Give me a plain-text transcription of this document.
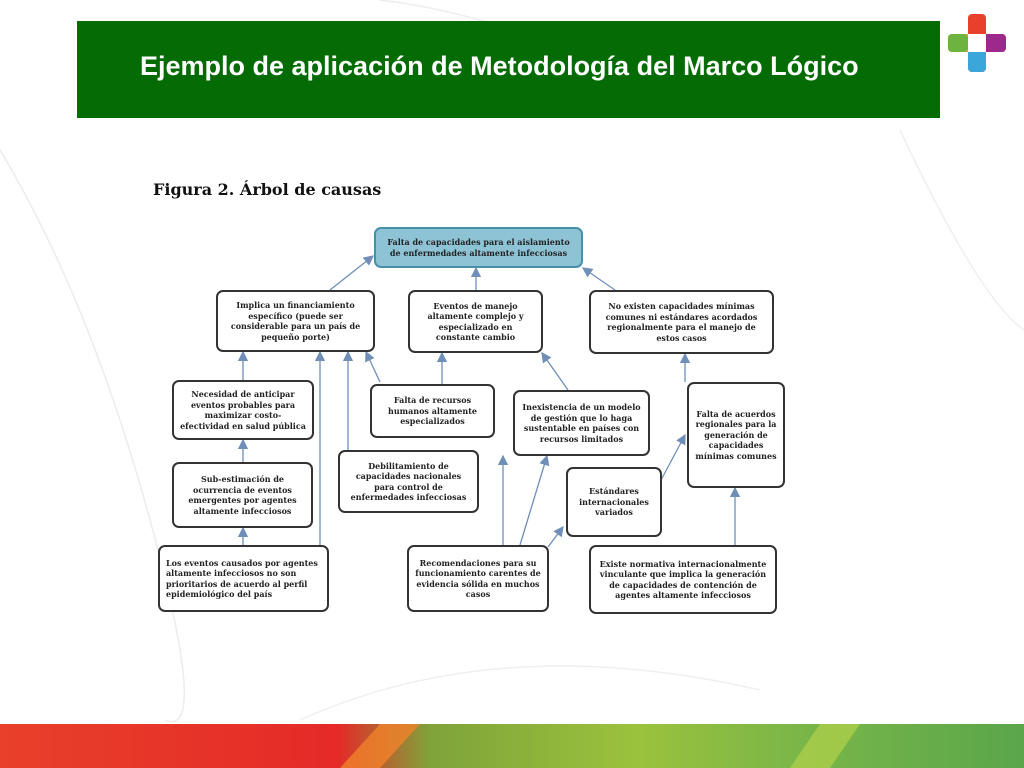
Ejemplo de aplicación de Metodología del Marco Lógico
Figura 2. Árbol de causas
Falta de capacidades para el aislamiento de enfermedades altamente infecciosas
Implica un financiamiento específico (puede ser considerable para un país de pequeño porte)
Eventos de manejo altamente complejo y especializado en constante cambio
No existen capacidades mínimas comunes ni estándares acordados regionalmente para el manejo de estos casos
Necesidad de anticipar eventos probables para maximizar costo-efectividad en salud pública
Falta de recursos humanos altamente especializados
Inexistencia de un modelo de gestión que lo haga sustentable en países con recursos limitados
Falta de acuerdos regionales para la generación de capacidades mínimas comunes
Sub-estimación de ocurrencia de eventos emergentes por agentes altamente infecciosos
Debilitamiento de capacidades nacionales para control de enfermedades infecciosas
Estándares internacionales variados
Los eventos causados por agentes altamente infecciosos no son prioritarios de acuerdo al perfil epidemiológico del país
Recomendaciones para su funcionamiento carentes de evidencia sólida en muchos casos
Existe normativa internacionalmente vinculante que implica la generación de capacidades de contención de agentes altamente infecciosos
